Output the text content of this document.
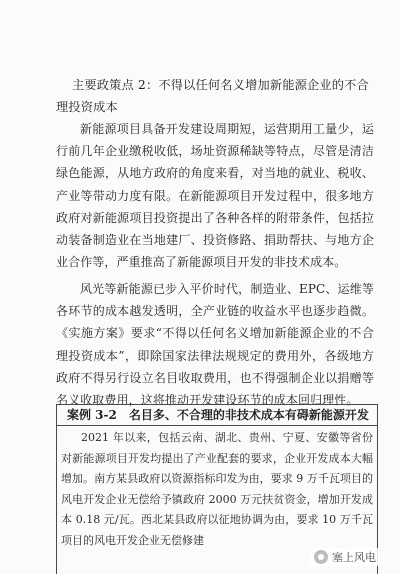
主要政策点 2：不得以任何名义增加新能源企业的不合理投资成本

新能源项目具备开发建设周期短，运营期用工量少，运行前几年企业缴税收低，场址资源稀缺等特点，尽管是清洁绿色能源，从地方政府的角度来看，对当地的就业、税收、产业等带动力度有限。在新能源项目开发过程中，很多地方政府对新能源项目投资提出了各种各样的附带条件，包括拉动装备制造业在当地建厂、投资修路、捐助帮扶、与地方企业合作等，严重推高了新能源项目开发的非技术成本。

风光等新能源已步入平价时代，制造业、EPC、运维等各环节的成本越发透明，全产业链的收益水平也逐步趋微。《实施方案》要求“不得以任何名义增加新能源企业的不合理投资成本”，即除国家法律法规规定的费用外，各级地方政府不得另行设立名目收取费用，也不得强制企业以捐赠等名义收取费用，这将推动开发建设环节的成本回归理性。

案例 3-2　名目多、不合理的非技术成本有碍新能源开发

2021 年以来，包括云南、湖北、贵州、宁夏、安徽等省份对新能源项目开发均提出了产业配套的要求，企业开发成本大幅增加。南方某县政府以资源指标印发为由，要求 9 万千瓦项目的风电开发企业无偿给予镇政府 2000 万元扶贫资金，增加开发成本 0.18 元/瓦。西北某县政府以征地协调为由，要求 10 万千瓦项目的风电开发企业无偿修建

塞上风电
